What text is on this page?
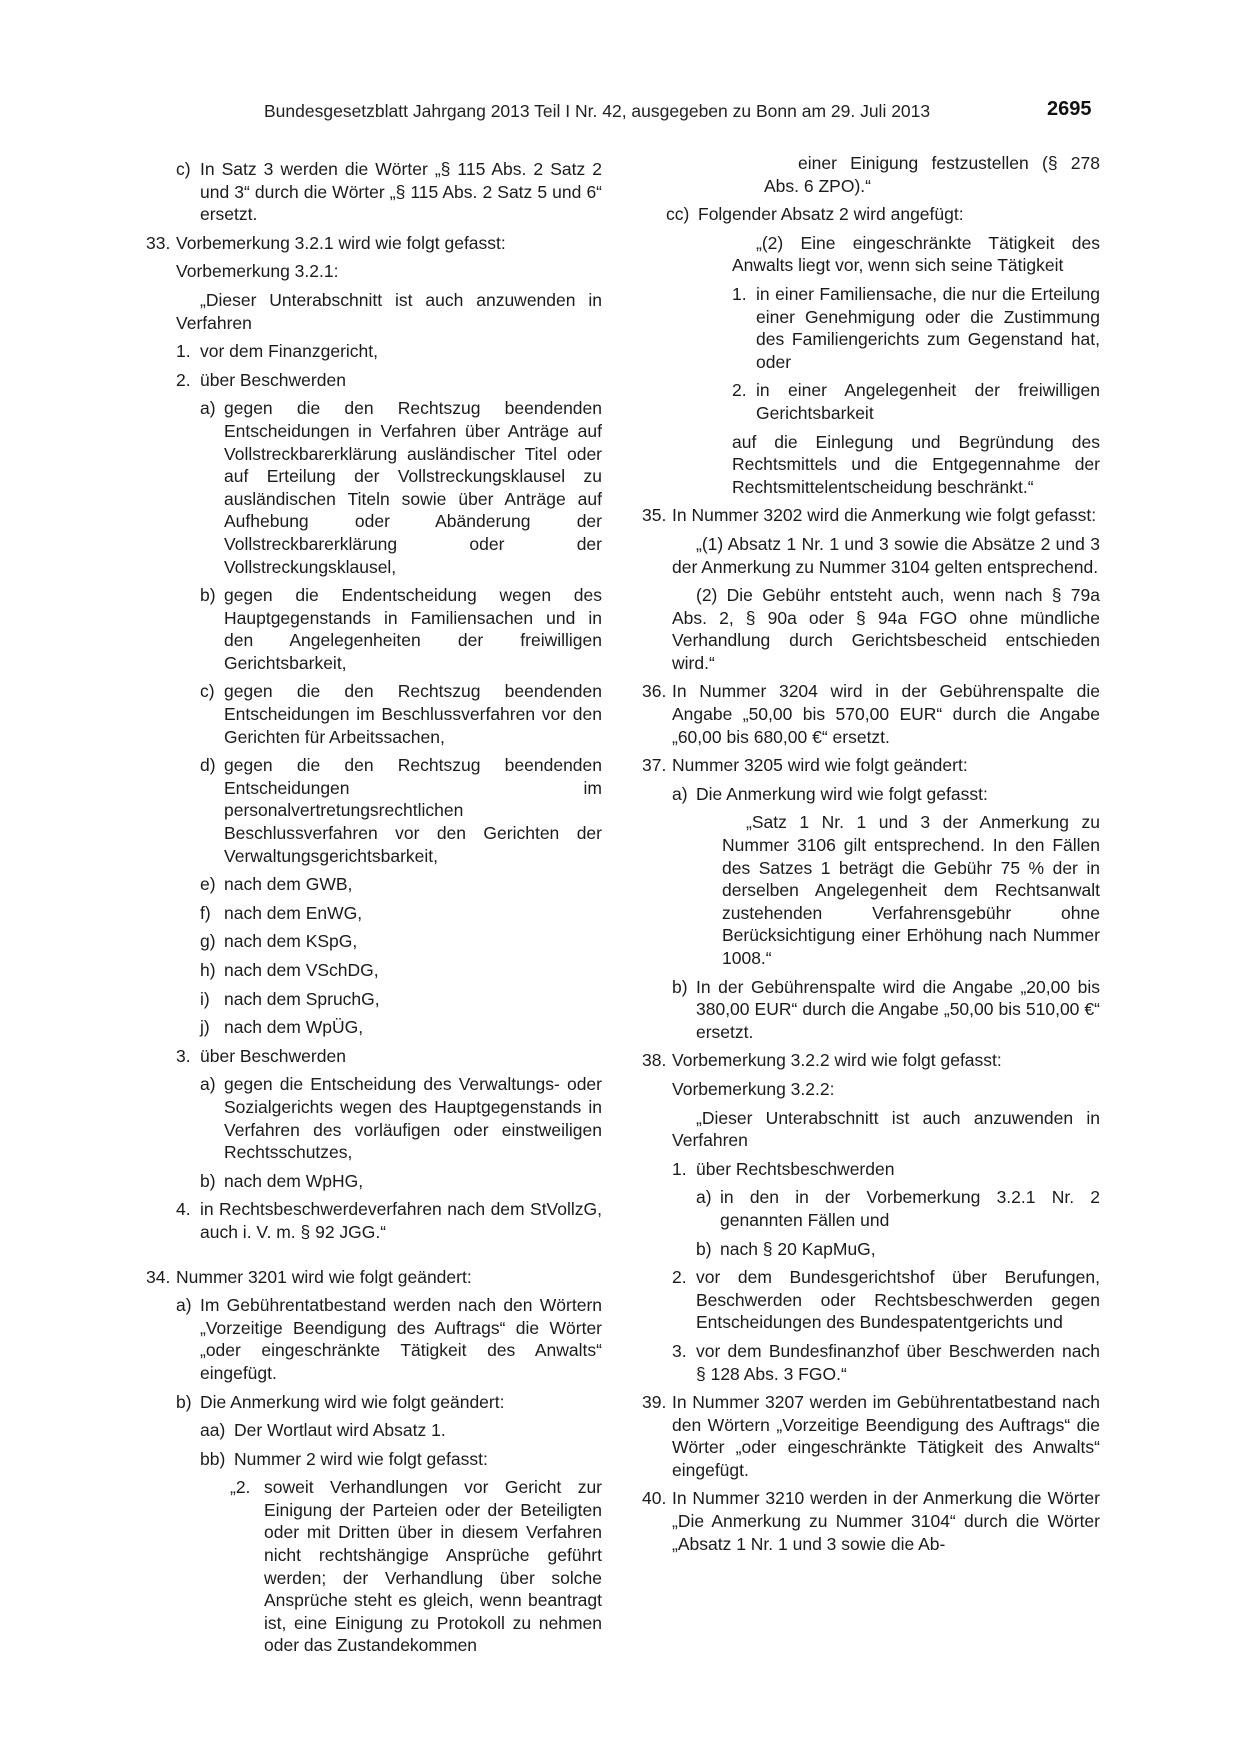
Bundesgesetzblatt Jahrgang 2013 Teil I Nr. 42, ausgegeben zu Bonn am 29. Juli 2013	2695
c) In Satz 3 werden die Wörter „§ 115 Abs. 2 Satz 2 und 3“ durch die Wörter „§ 115 Abs. 2 Satz 5 und 6“ ersetzt.
33. Vorbemerkung 3.2.1 wird wie folgt gefasst:
Vorbemerkung 3.2.1:
„Dieser Unterabschnitt ist auch anzuwenden in Verfahren
1. vor dem Finanzgericht,
2. über Beschwerden
a) gegen die den Rechtszug beendenden Entscheidungen in Verfahren über Anträge auf Vollstreckbarerklärung ausländischer Titel oder auf Erteilung der Vollstreckungsklausel zu ausländischen Titeln sowie über Anträge auf Aufhebung oder Abänderung der Vollstreckbarerklärung oder der Vollstreckungsklausel,
b) gegen die Endentscheidung wegen des Hauptgegenstands in Familiensachen und in den Angelegenheiten der freiwilligen Gerichtsbarkeit,
c) gegen die den Rechtszug beendenden Entscheidungen im Beschlussverfahren vor den Gerichten für Arbeitssachen,
d) gegen die den Rechtszug beendenden Entscheidungen im personalvertretungsrechtlichen Beschlussverfahren vor den Gerichten der Verwaltungsgerichtsbarkeit,
e) nach dem GWB,
f) nach dem EnWG,
g) nach dem KSpG,
h) nach dem VSchDG,
i) nach dem SpruchG,
j) nach dem WpÜG,
3. über Beschwerden
a) gegen die Entscheidung des Verwaltungs- oder Sozialgerichts wegen des Hauptgegenstands in Verfahren des vorläufigen oder einstweiligen Rechtsschutzes,
b) nach dem WpHG,
4. in Rechtsbeschwerdeverfahren nach dem StVollzG, auch i. V. m. § 92 JGG.“
34. Nummer 3201 wird wie folgt geändert:
a) Im Gebührentatbestand werden nach den Wörtern „Vorzeitige Beendigung des Auftrags“ die Wörter „oder eingeschränkte Tätigkeit des Anwalts“ eingefügt.
b) Die Anmerkung wird wie folgt geändert:
aa) Der Wortlaut wird Absatz 1.
bb) Nummer 2 wird wie folgt gefasst:
„2. soweit Verhandlungen vor Gericht zur Einigung der Parteien oder der Beteiligten oder mit Dritten über in diesem Verfahren nicht rechtshängige Ansprüche geführt werden; der Verhandlung über solche Ansprüche steht es gleich, wenn beantragt ist, eine Einigung zu Protokoll zu nehmen oder das Zustandekommen
einer Einigung festzustellen (§ 278 Abs. 6 ZPO).“
cc) Folgender Absatz 2 wird angefügt:
„(2) Eine eingeschränkte Tätigkeit des Anwalts liegt vor, wenn sich seine Tätigkeit
1. in einer Familiensache, die nur die Erteilung einer Genehmigung oder die Zustimmung des Familiengerichts zum Gegenstand hat, oder
2. in einer Angelegenheit der freiwilligen Gerichtsbarkeit
auf die Einlegung und Begründung des Rechtsmittels und die Entgegennahme der Rechtsmittelentscheidung beschränkt.“
35. In Nummer 3202 wird die Anmerkung wie folgt gefasst:
„(1) Absatz 1 Nr. 1 und 3 sowie die Absätze 2 und 3 der Anmerkung zu Nummer 3104 gelten entsprechend.
(2) Die Gebühr entsteht auch, wenn nach § 79a Abs. 2, § 90a oder § 94a FGO ohne mündliche Verhandlung durch Gerichtsbescheid entschieden wird.“
36. In Nummer 3204 wird in der Gebührenspalte die Angabe „50,00 bis 570,00 EUR“ durch die Angabe „60,00 bis 680,00 €“ ersetzt.
37. Nummer 3205 wird wie folgt geändert:
a) Die Anmerkung wird wie folgt gefasst:
„Satz 1 Nr. 1 und 3 der Anmerkung zu Nummer 3106 gilt entsprechend. In den Fällen des Satzes 1 beträgt die Gebühr 75 % der in derselben Angelegenheit dem Rechtsanwalt zustehenden Verfahrensgebühr ohne Berücksichtigung einer Erhöhung nach Nummer 1008.“
b) In der Gebührenspalte wird die Angabe „20,00 bis 380,00 EUR“ durch die Angabe „50,00 bis 510,00 €“ ersetzt.
38. Vorbemerkung 3.2.2 wird wie folgt gefasst:
Vorbemerkung 3.2.2:
„Dieser Unterabschnitt ist auch anzuwenden in Verfahren
1. über Rechtsbeschwerden
a) in den in der Vorbemerkung 3.2.1 Nr. 2 genannten Fällen und
b) nach § 20 KapMuG,
2. vor dem Bundesgerichtshof über Berufungen, Beschwerden oder Rechtsbeschwerden gegen Entscheidungen des Bundespatentgerichts und
3. vor dem Bundesfinanzhof über Beschwerden nach § 128 Abs. 3 FGO.“
39. In Nummer 3207 werden im Gebührentatbestand nach den Wörtern „Vorzeitige Beendigung des Auftrags“ die Wörter „oder eingeschränkte Tätigkeit des Anwalts“ eingefügt.
40. In Nummer 3210 werden in der Anmerkung die Wörter „Die Anmerkung zu Nummer 3104“ durch die Wörter „Absatz 1 Nr. 1 und 3 sowie die Ab-
